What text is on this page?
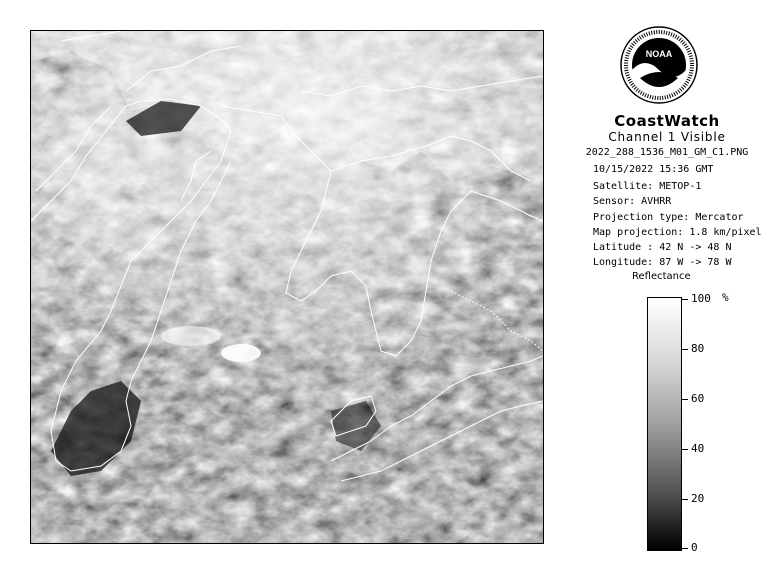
NOAA
CoastWatch
Channel 1 Visible
2022_288_1536_M01_GM_C1.PNG
10/15/2022 15:36 GMT
Satellite: METOP-1
Sensor: AVHRR
Projection type: Mercator
Map projection: 1.8 km/pixel
Latitude : 42 N -> 48 N
Longitude: 87 W -> 78 W
Reflectance
%
100
80
60
40
20
0
